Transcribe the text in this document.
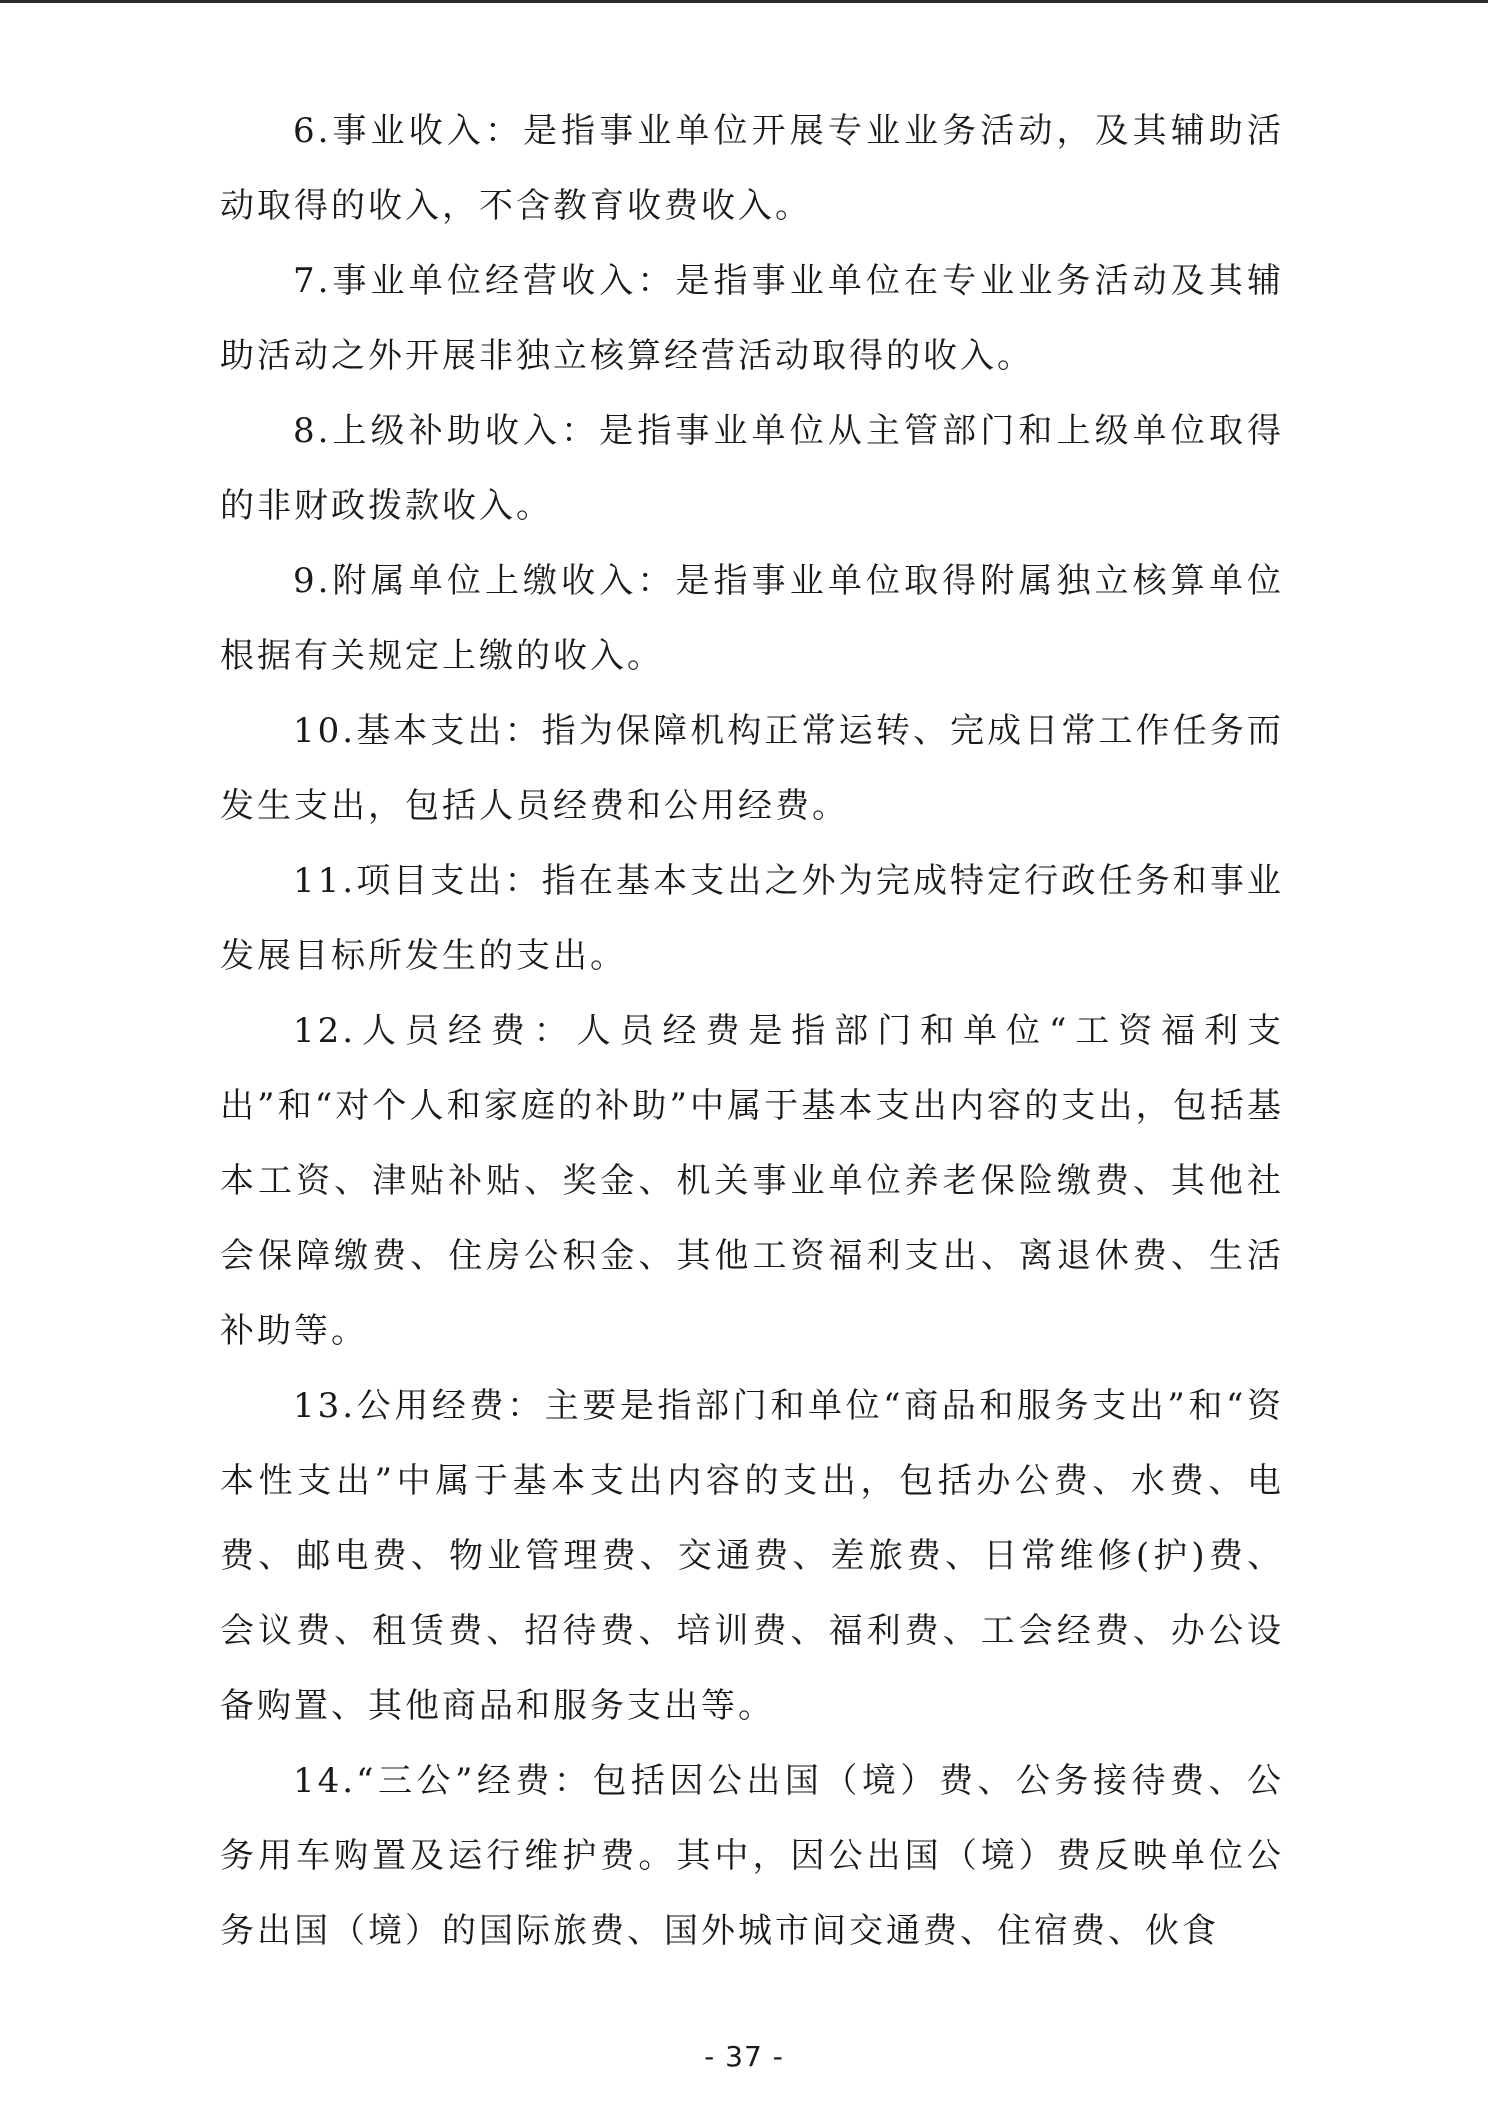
6.事业收入：是指事业单位开展专业业务活动，及其辅助活动取得的收入，不含教育收费收入。

7.事业单位经营收入：是指事业单位在专业业务活动及其辅助活动之外开展非独立核算经营活动取得的收入。

8.上级补助收入：是指事业单位从主管部门和上级单位取得的非财政拨款收入。

9.附属单位上缴收入：是指事业单位取得附属独立核算单位根据有关规定上缴的收入。

10.基本支出：指为保障机构正常运转、完成日常工作任务而发生支出，包括人员经费和公用经费。

11.项目支出：指在基本支出之外为完成特定行政任务和事业发展目标所发生的支出。

12.人员经费：人员经费是指部门和单位“工资福利支出”和“对个人和家庭的补助”中属于基本支出内容的支出，包括基本工资、津贴补贴、奖金、机关事业单位养老保险缴费、其他社会保障缴费、住房公积金、其他工资福利支出、离退休费、生活补助等。

13.公用经费：主要是指部门和单位“商品和服务支出”和“资本性支出”中属于基本支出内容的支出，包括办公费、水费、电费、邮电费、物业管理费、交通费、差旅费、日常维修(护)费、会议费、租赁费、招待费、培训费、福利费、工会经费、办公设备购置、其他商品和服务支出等。

14.“三公”经费：包括因公出国（境）费、公务接待费、公务用车购置及运行维护费。其中，因公出国（境）费反映单位公务出国（境）的国际旅费、国外城市间交通费、住宿费、伙食

- 37 -
